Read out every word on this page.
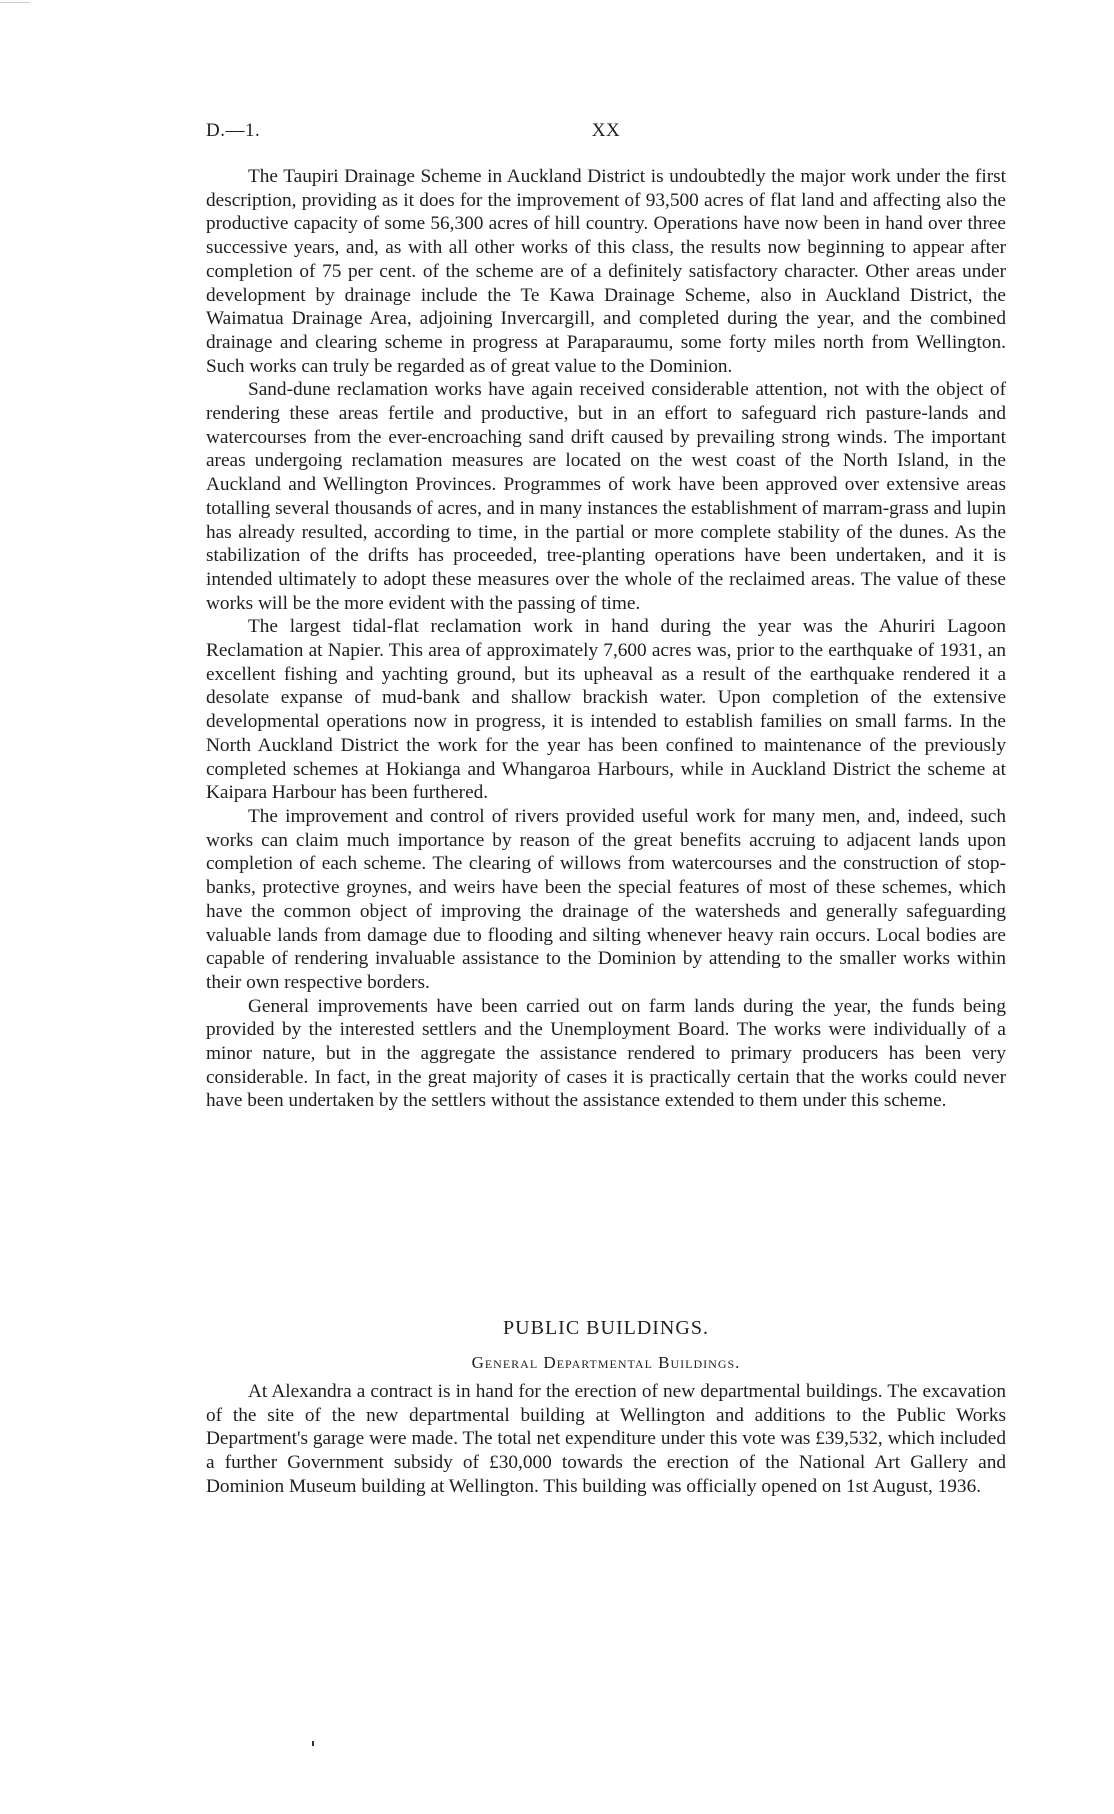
D.—1.	XX

The Taupiri Drainage Scheme in Auckland District is undoubtedly the major work under the first description, providing as it does for the improvement of 93,500 acres of flat land and affecting also the productive capacity of some 56,300 acres of hill country. Operations have now been in hand over three successive years, and, as with all other works of this class, the results now beginning to appear after completion of 75 per cent. of the scheme are of a definitely satisfactory character. Other areas under development by drainage include the Te Kawa Drainage Scheme, also in Auckland District, the Waimatua Drainage Area, adjoining Invercargill, and completed during the year, and the combined drainage and clearing scheme in progress at Paraparaumu, some forty miles north from Wellington. Such works can truly be regarded as of great value to the Dominion.

Sand-dune reclamation works have again received considerable attention, not with the object of rendering these areas fertile and productive, but in an effort to safeguard rich pasture-lands and watercourses from the ever-encroaching sand drift caused by prevailing strong winds. The important areas undergoing reclamation measures are located on the west coast of the North Island, in the Auckland and Wellington Provinces. Programmes of work have been approved over extensive areas totalling several thousands of acres, and in many instances the establishment of marram-grass and lupin has already resulted, according to time, in the partial or more complete stability of the dunes. As the stabilization of the drifts has proceeded, tree-planting operations have been undertaken, and it is intended ultimately to adopt these measures over the whole of the reclaimed areas. The value of these works will be the more evident with the passing of time.

The largest tidal-flat reclamation work in hand during the year was the Ahuriri Lagoon Reclamation at Napier. This area of approximately 7,600 acres was, prior to the earthquake of 1931, an excellent fishing and yachting ground, but its upheaval as a result of the earthquake rendered it a desolate expanse of mud-bank and shallow brackish water. Upon completion of the extensive developmental operations now in progress, it is intended to establish families on small farms. In the North Auckland District the work for the year has been confined to maintenance of the previously completed schemes at Hokianga and Whangaroa Harbours, while in Auckland District the scheme at Kaipara Harbour has been furthered.

The improvement and control of rivers provided useful work for many men, and, indeed, such works can claim much importance by reason of the great benefits accruing to adjacent lands upon completion of each scheme. The clearing of willows from watercourses and the construction of stop-banks, protective groynes, and weirs have been the special features of most of these schemes, which have the common object of improving the drainage of the watersheds and generally safeguarding valuable lands from damage due to flooding and silting whenever heavy rain occurs. Local bodies are capable of rendering invaluable assistance to the Dominion by attending to the smaller works within their own respective borders.

General improvements have been carried out on farm lands during the year, the funds being provided by the interested settlers and the Unemployment Board. The works were individually of a minor nature, but in the aggregate the assistance rendered to primary producers has been very considerable. In fact, in the great majority of cases it is practically certain that the works could never have been undertaken by the settlers without the assistance extended to them under this scheme.

PUBLIC BUILDINGS.
General Departmental Buildings.

At Alexandra a contract is in hand for the erection of new departmental buildings. The excavation of the site of the new departmental building at Wellington and additions to the Public Works Department's garage were made. The total net expenditure under this vote was £39,532, which included a further Government subsidy of £30,000 towards the erection of the National Art Gallery and Dominion Museum building at Wellington. This building was officially opened on 1st August, 1936.
